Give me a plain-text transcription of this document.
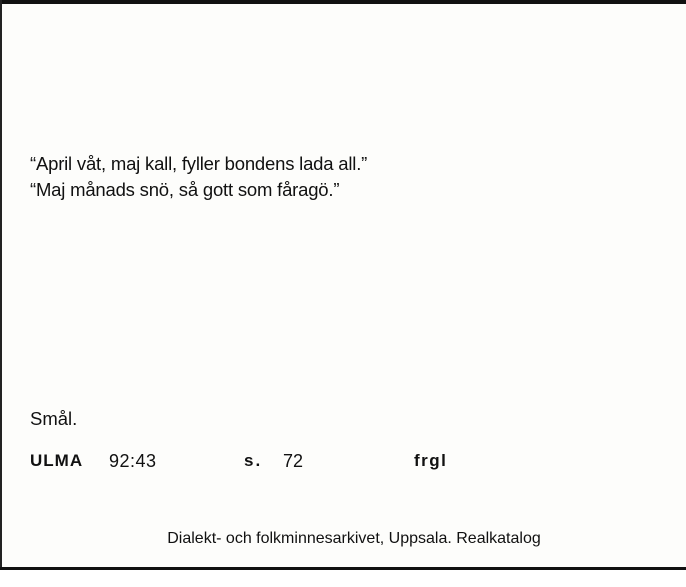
“April våt, maj kall, fyller bondens lada all.”
“Maj månads snö, så gott som fåragö.”
Smål.
ULMA 92:43	s. 72	frgl
Dialekt- och folkminnesarkivet, Uppsala. Realkatalog
